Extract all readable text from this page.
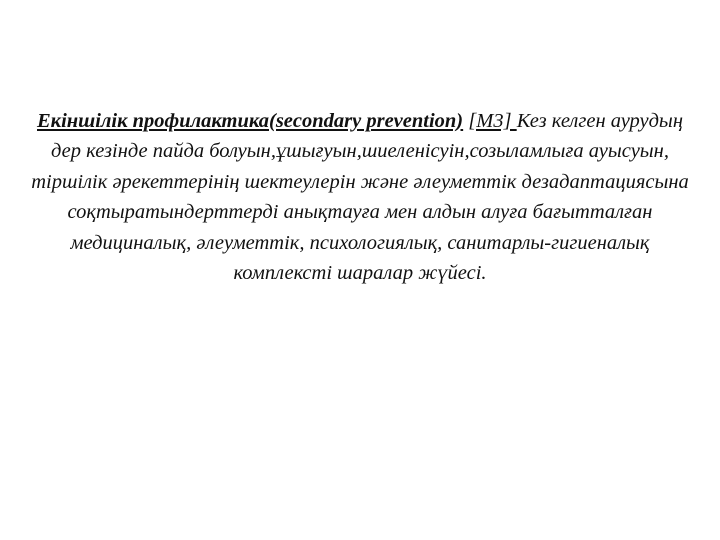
Екіншілік профилактика(secondary prevention) [М3] Кез келген аурудың дер кезінде пайда болуын,ұшығуын,шиеленісуін,созыламлыға ауысуын, тіршілік әрекеттерінің шектеулерін және әлеуметтік дезадаптациясына соқтыратындерттерді анықтауға мен алдын алуға бағытталған медициналық, әлеуметтік, психологиялық, санитарлы-гигиеналық комплексті шаралар жүйесі.
